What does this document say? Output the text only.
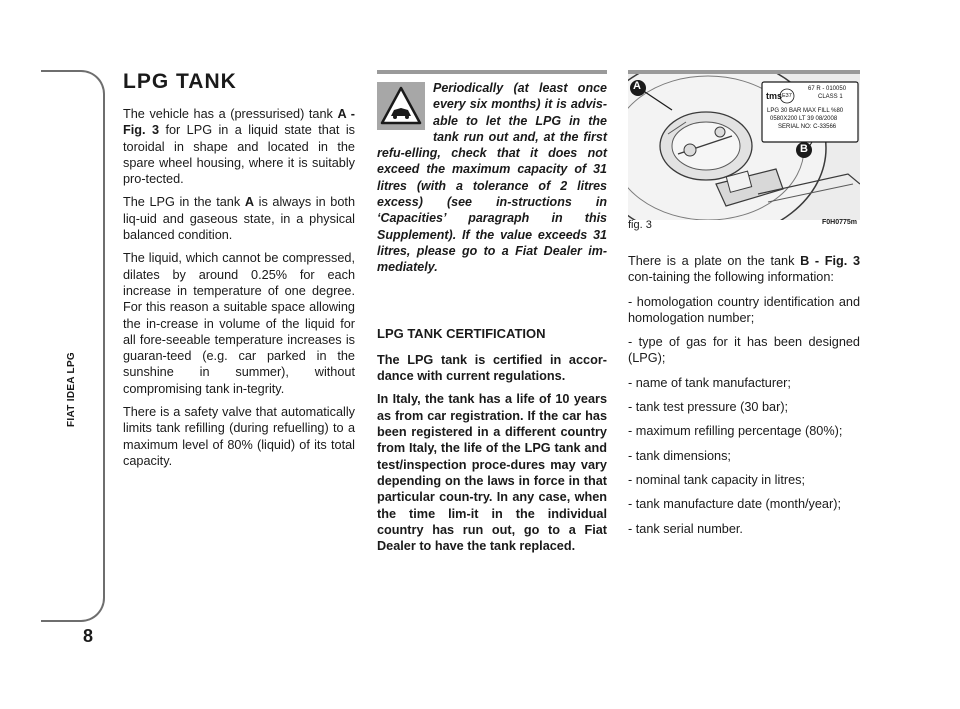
FIAT IDEA LPG
8
LPG TANK

The vehicle has a (pressurised) tank A - Fig. 3 for LPG in a liquid state that is toroidal in shape and located in the spare wheel housing, where it is suitably pro-tected.

The LPG in the tank A is always in both liq-uid and gaseous state, in a physical balanced condition.

The liquid, which cannot be compressed, dilates by around 0.25% for each increase in temperature of one degree. For this reason a suitable space allowing the in-crease in volume of the liquid for all fore-seeable temperature increases is guaran-teed (e.g. car parked in the sunshine in summer), without compromising tank in-tegrity.

There is a safety valve that automatically limits tank refilling (during refuelling) to a maximum level of 80% (liquid) of its total capacity.

Periodically (at least once every six months) it is advis-able to let the LPG in the tank run out and, at the first refu-elling, check that it does not exceed the maximum capacity of 31 litres (with a tolerance of 2 litres excess) (see in-structions in ‘Capacities’ paragraph in this Supplement). If the value exceeds 31 litres, please go to a Fiat Dealer im-mediately.
LPG TANK CERTIFICATION

The LPG tank is certified in accor-dance with current regulations.

In Italy, the tank has a life of 10 years as from car registration. If the car has been registered in a different country from Italy, the life of the LPG tank and test/inspection proce-dures may vary depending on the laws in force in that particular coun-try. In any case, when the time lim-it in the individual country has run out, go to a Fiat Dealer to have the tank replaced.

A
B
tms E37
67 R - 010050
CLASS 1
LPG 30 BAR MAX FILL %80
0580X200 LT 39 08/2008
SERIAL NO: C-33566
fig. 3	F0H0775m

There is a plate on the tank B - Fig. 3 con-taining the following information:

- homologation country identification and homologation number;

- type of gas for it has been designed (LPG);

- name of tank manufacturer;

- tank test pressure (30 bar);

- maximum refilling percentage (80%);

- tank dimensions;

- nominal tank capacity in litres;

- tank manufacture date (month/year);

- tank serial number.
